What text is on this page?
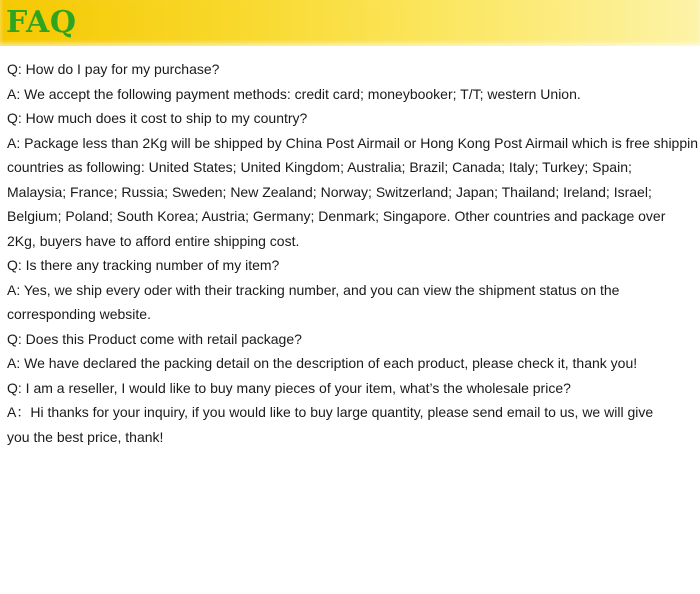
FAQ
Q: How do I pay for my purchase?
A: We accept the following payment methods: credit card; moneybooker; T/T; western Union.
Q: How much does it cost to ship to my country?
A: Package less than 2Kg will be shipped by China Post Airmail or Hong Kong Post Airmail which is free shippin
countries as following: United States; United Kingdom; Australia; Brazil; Canada; Italy; Turkey; Spain;
Malaysia; France; Russia; Sweden; New Zealand; Norway; Switzerland; Japan; Thailand; Ireland; Israel;
Belgium; Poland; South Korea; Austria; Germany; Denmark; Singapore. Other countries and package over
2Kg, buyers have to afford entire shipping cost.
Q: Is there any tracking number of my item?
A: Yes, we ship every oder with their tracking number, and you can view the shipment status on the
corresponding website.
Q: Does this Product come with retail package?
A: We have declared the packing detail on the description of each product, please check it, thank you!
Q: I am a reseller, I would like to buy many pieces of your item, what’s the wholesale price?
A：Hi thanks for your inquiry, if you would like to buy large quantity, please send email to us, we will give
you the best price, thank!
